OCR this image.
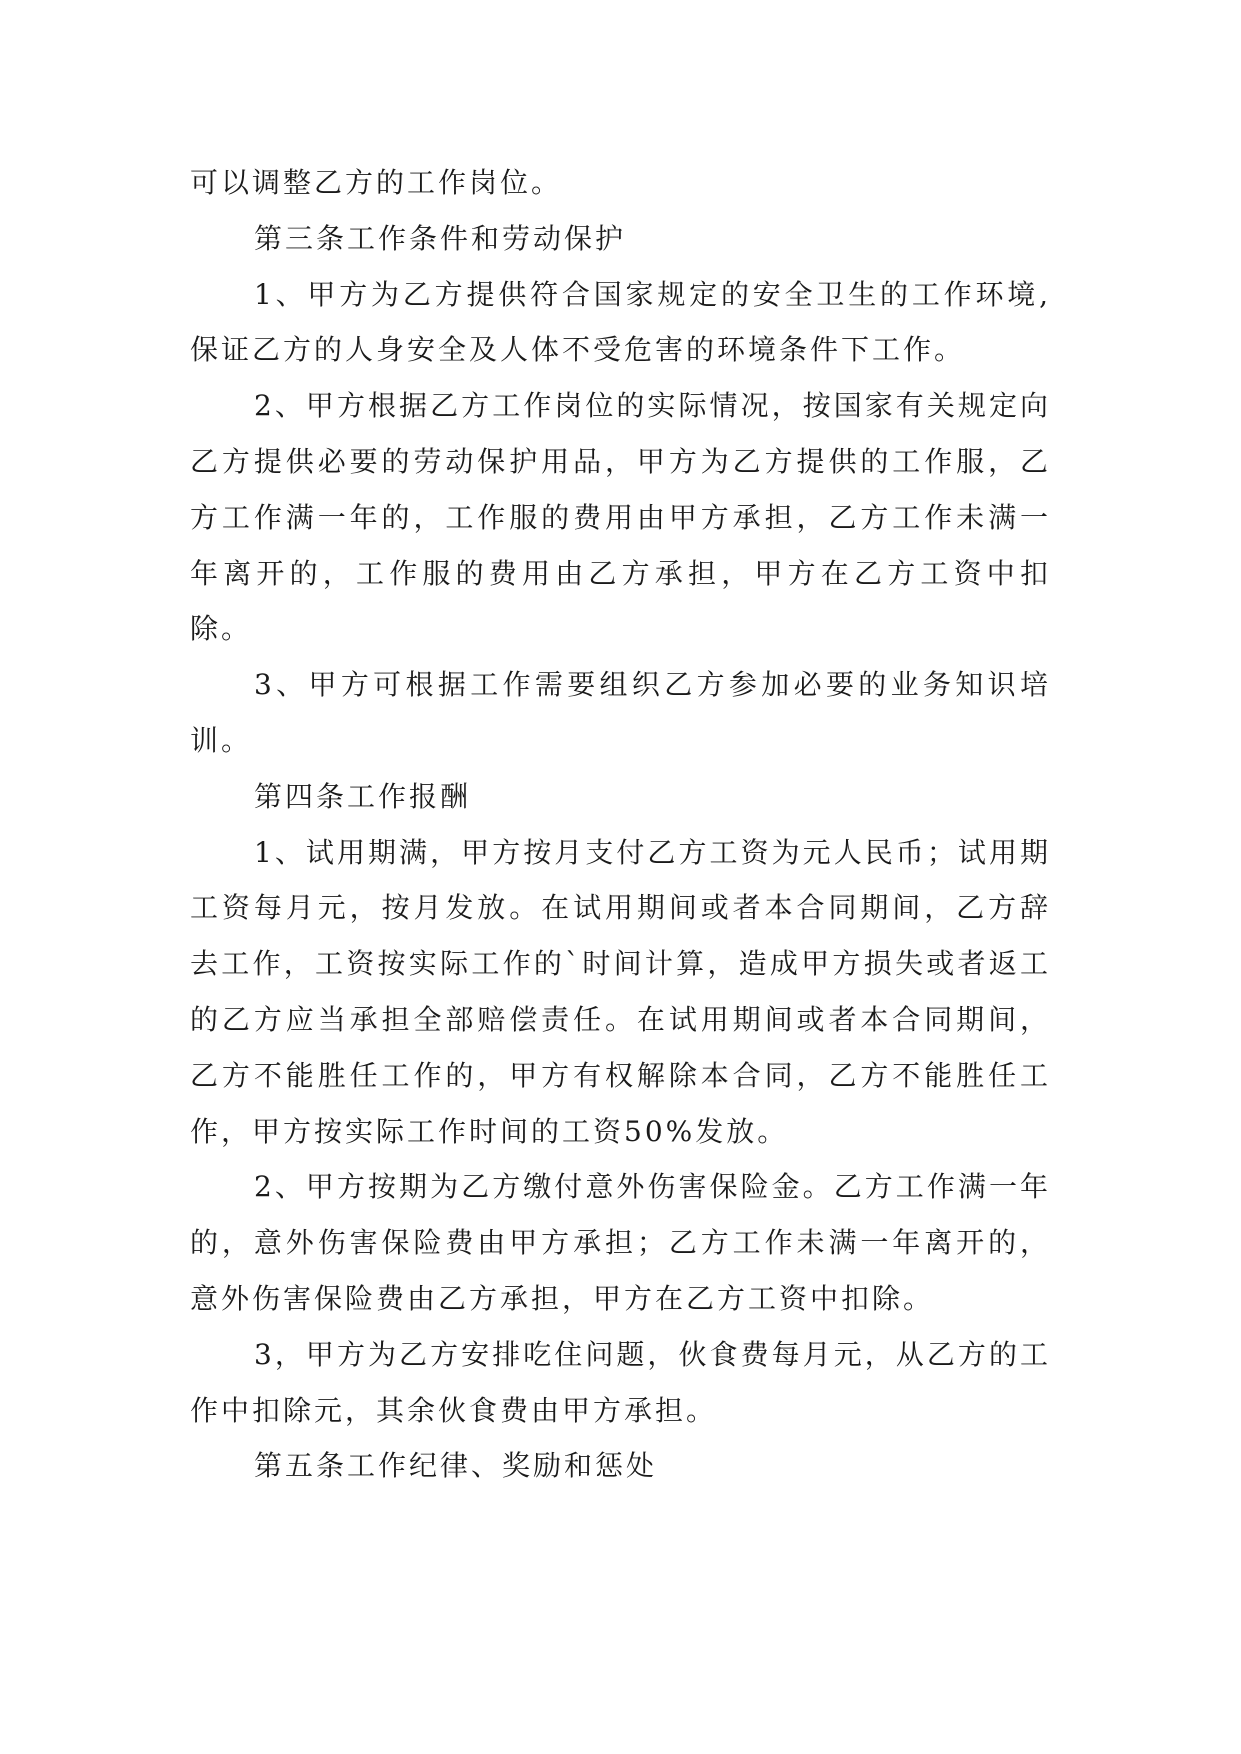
可以调整乙方的工作岗位。

第三条工作条件和劳动保护

1、甲方为乙方提供符合国家规定的安全卫生的工作环境,保证乙方的人身安全及人体不受危害的环境条件下工作。

2、甲方根据乙方工作岗位的实际情况，按国家有关规定向乙方提供必要的劳动保护用品，甲方为乙方提供的工作服，乙方工作满一年的，工作服的费用由甲方承担，乙方工作未满一年离开的，工作服的费用由乙方承担，甲方在乙方工资中扣除。

3、甲方可根据工作需要组织乙方参加必要的业务知识培训。

第四条工作报酬

1、试用期满，甲方按月支付乙方工资为元人民币；试用期工资每月元，按月发放。在试用期间或者本合同期间，乙方辞去工作，工资按实际工作的`时间计算，造成甲方损失或者返工的乙方应当承担全部赔偿责任。在试用期间或者本合同期间，乙方不能胜任工作的，甲方有权解除本合同，乙方不能胜任工作，甲方按实际工作时间的工资50%发放。

2、甲方按期为乙方缴付意外伤害保险金。乙方工作满一年的，意外伤害保险费由甲方承担；乙方工作未满一年离开的，意外伤害保险费由乙方承担，甲方在乙方工资中扣除。

3，甲方为乙方安排吃住问题，伙食费每月元，从乙方的工作中扣除元，其余伙食费由甲方承担。

第五条工作纪律、奖励和惩处
